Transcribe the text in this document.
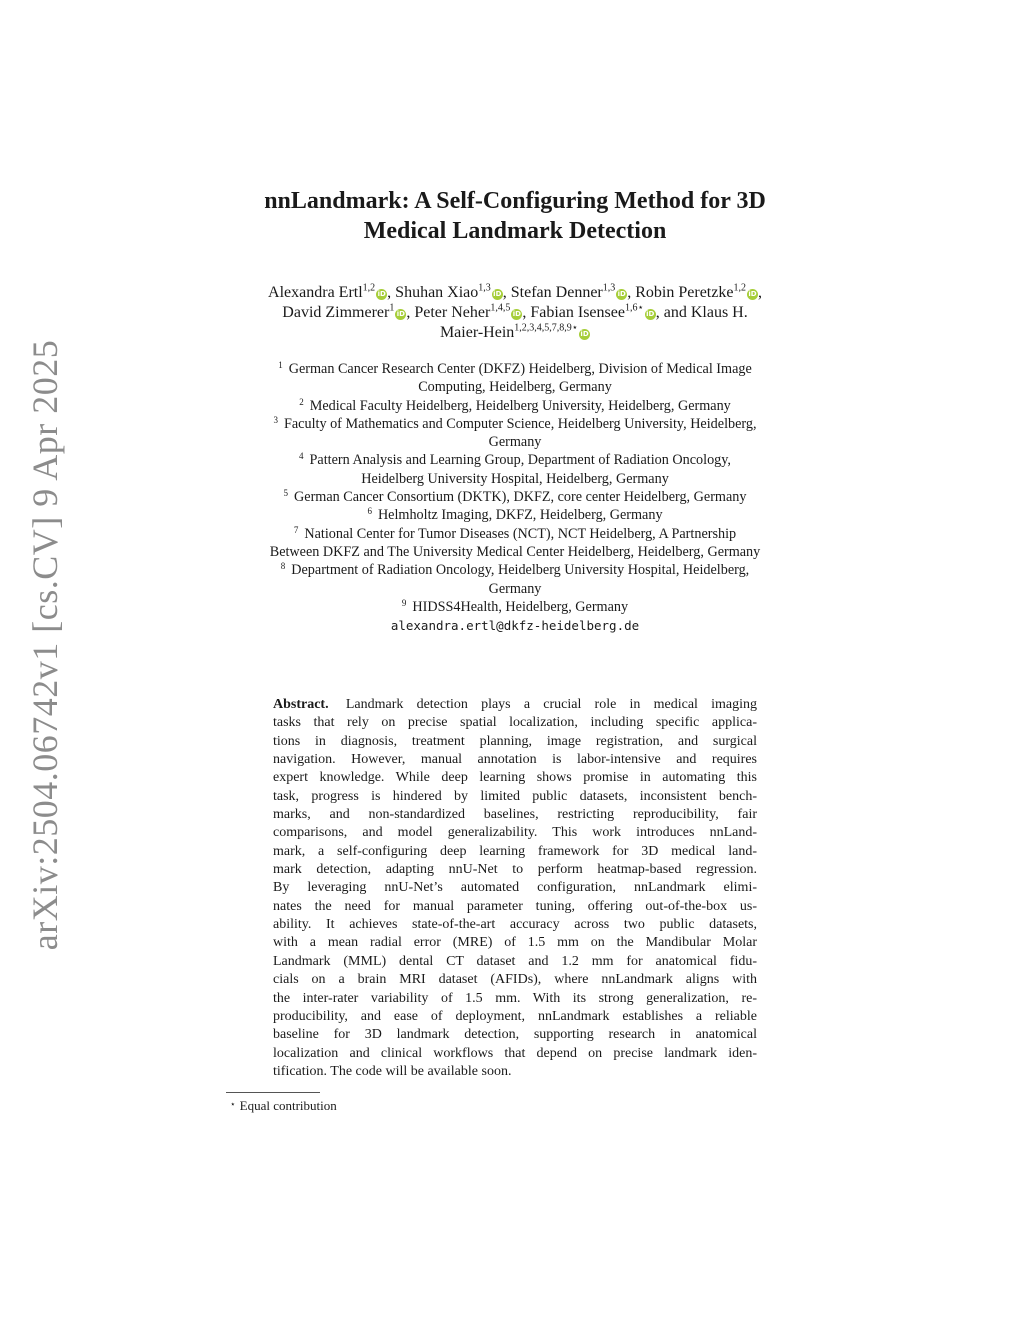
arXiv:2504.06742v1 [cs.CV] 9 Apr 2025
nnLandmark: A Self-Configuring Method for 3D
Medical Landmark Detection
Alexandra Ertl$^{1,2}$iD, Shuhan Xiao$^{1,3}$iD, Stefan Denner$^{1,3}$iD, Robin Peretzke$^{1,2}$iD,
David Zimmerer$^1$iD, Peter Neher$^{1,4,5}$iD, Fabian Isensee$^{1,6⋆}$iD, and Klaus H.
Maier-Hein$^{1,2,3,4,5,7,8,9⋆}$iD
$^1$ German Cancer Research Center (DKFZ) Heidelberg, Division of Medical Image
Computing, Heidelberg, Germany
$^2$ Medical Faculty Heidelberg, Heidelberg University, Heidelberg, Germany
$^3$ Faculty of Mathematics and Computer Science, Heidelberg University, Heidelberg,
Germany
$^4$ Pattern Analysis and Learning Group, Department of Radiation Oncology,
Heidelberg University Hospital, Heidelberg, Germany
$^5$ German Cancer Consortium (DKTK), DKFZ, core center Heidelberg, Germany
$^6$ Helmholtz Imaging, DKFZ, Heidelberg, Germany
$^7$ National Center for Tumor Diseases (NCT), NCT Heidelberg, A Partnership
Between DKFZ and The University Medical Center Heidelberg, Heidelberg, Germany
$^8$ Department of Radiation Oncology, Heidelberg University Hospital, Heidelberg,
Germany
$^9$ HIDSS4Health, Heidelberg, Germany
alexandra.ertl@dkfz-heidelberg.de
Abstract. Landmark detection plays a crucial role in medical imaging
tasks that rely on precise spatial localization, including specific applica-
tions in diagnosis, treatment planning, image registration, and surgical
navigation. However, manual annotation is labor-intensive and requires
expert knowledge. While deep learning shows promise in automating this
task, progress is hindered by limited public datasets, inconsistent bench-
marks, and non-standardized baselines, restricting reproducibility, fair
comparisons, and model generalizability. This work introduces nnLand-
mark, a self-configuring deep learning framework for 3D medical land-
mark detection, adapting nnU-Net to perform heatmap-based regression.
By leveraging nnU-Net’s automated configuration, nnLandmark elimi-
nates the need for manual parameter tuning, offering out-of-the-box us-
ability. It achieves state-of-the-art accuracy across two public datasets,
with a mean radial error (MRE) of 1.5 mm on the Mandibular Molar
Landmark (MML) dental CT dataset and 1.2 mm for anatomical fidu-
cials on a brain MRI dataset (AFIDs), where nnLandmark aligns with
the inter-rater variability of 1.5 mm. With its strong generalization, re-
producibility, and ease of deployment, nnLandmark establishes a reliable
baseline for 3D landmark detection, supporting research in anatomical
localization and clinical workflows that depend on precise landmark iden-
tification. The code will be available soon.
⋆ Equal contribution
